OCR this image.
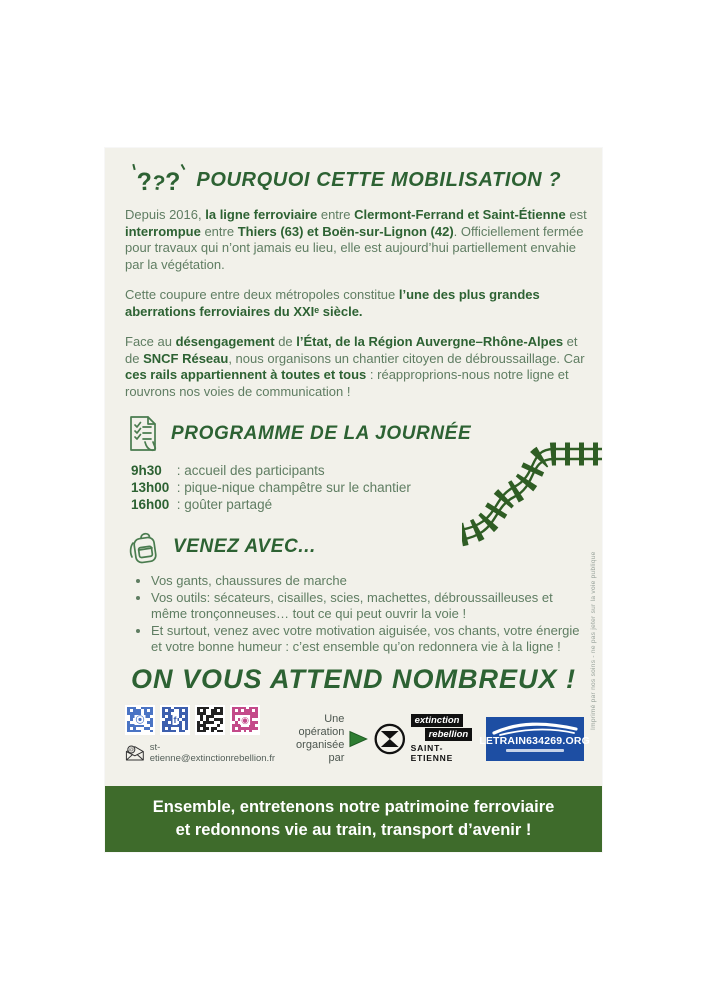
??? POURQUOI CETTE MOBILISATION ?

Depuis 2016, la ligne ferroviaire entre Clermont-Ferrand et Saint-Étienne est interrompue entre Thiers (63) et Boën-sur-Lignon (42). Officiellement fermée pour travaux qui n’ont jamais eu lieu, elle est aujourd’hui partiellement envahie par la végétation.

Cette coupure entre deux métropoles constitue l’une des plus grandes aberrations ferroviaires du XXIᵉ siècle.

Face au désengagement de l’État, de la Région Auvergne–Rhône-Alpes et de SNCF Réseau, nous organisons un chantier citoyen de débroussaillage. Car ces rails appartiennent à toutes et tous : réapproprions-nous notre ligne et rouvrons nos voies de communication !

PROGRAMME DE LA JOURNÉE
9h30 : accueil des participants
13h00 : pique-nique champêtre sur le chantier
16h00 : goûter partagé
VENEZ AVEC...
• Vos gants, chaussures de marche
• Vos outils: sécateurs, cisailles, scies, machettes, débroussailleuses et même tronçonneuses… tout ce qui peut ouvrir la voie !
• Et surtout, venez avec votre motivation aiguisée, vos chants, votre énergie et votre bonne humeur : c’est ensemble qu’on redonnera vie à la ligne !
ON VOUS ATTEND NOMBREUX !
⦿	f	◉
@ st-etienne@extinctionrebellion.fr
Une opération organisée par
extinction
rebellion
SAINT-ETIENNE
LETRAIN634269.ORG
Imprimé par nos soins - ne pas jeter sur la voie publique
Ensemble, entretenons notre patrimoine ferroviaire
et redonnons vie au train, transport d’avenir !
